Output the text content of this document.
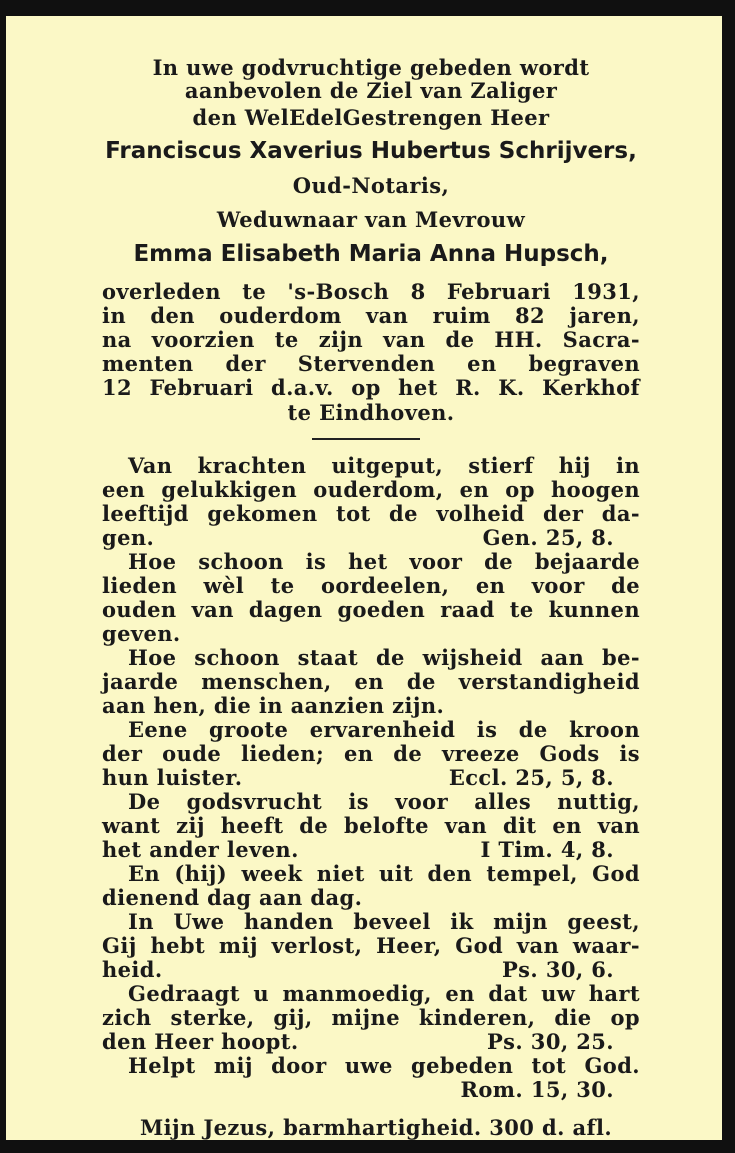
In uwe godvruchtige gebeden wordt
aanbevolen de Ziel van Zaliger
den WelEdelGestrengen Heer
Franciscus Xaverius Hubertus Schrijvers,
Oud-Notaris,
Weduwnaar van Mevrouw
Emma Elisabeth Maria Anna Hupsch,
overleden te 's-Bosch 8 Februari 1931,
in den ouderdom van ruim 82 jaren,
na voorzien te zijn van de HH. Sacra-
menten der Stervenden en begraven
12 Februari d.a.v. op het R. K. Kerkhof
te Eindhoven.
Van krachten uitgeput, stierf hij in
een gelukkigen ouderdom, en op hoogen
leeftijd gekomen tot de volheid der da-
gen.	Gen. 25, 8.
Hoe schoon is het voor de bejaarde
lieden wèl te oordeelen, en voor de
ouden van dagen goeden raad te kunnen
geven.
Hoe schoon staat de wijsheid aan be-
jaarde menschen, en de verstandigheid
aan hen, die in aanzien zijn.
Eene groote ervarenheid is de kroon
der oude lieden; en de vreeze Gods is
hun luister.	Eccl. 25, 5, 8.
De godsvrucht is voor alles nuttig,
want zij heeft de belofte van dit en van
het ander leven.	I Tim. 4, 8.
En (hij) week niet uit den tempel, God
dienend dag aan dag.
In Uwe handen beveel ik mijn geest,
Gij hebt mij verlost, Heer, God van waar-
heid.	Ps. 30, 6.
Gedraagt u manmoedig, en dat uw hart
zich sterke, gij, mijne kinderen, die op
den Heer hoopt.	Ps. 30, 25.
Helpt mij door uwe gebeden tot God.
Rom. 15, 30.
Mijn Jezus, barmhartigheid. 300 d. afl.
